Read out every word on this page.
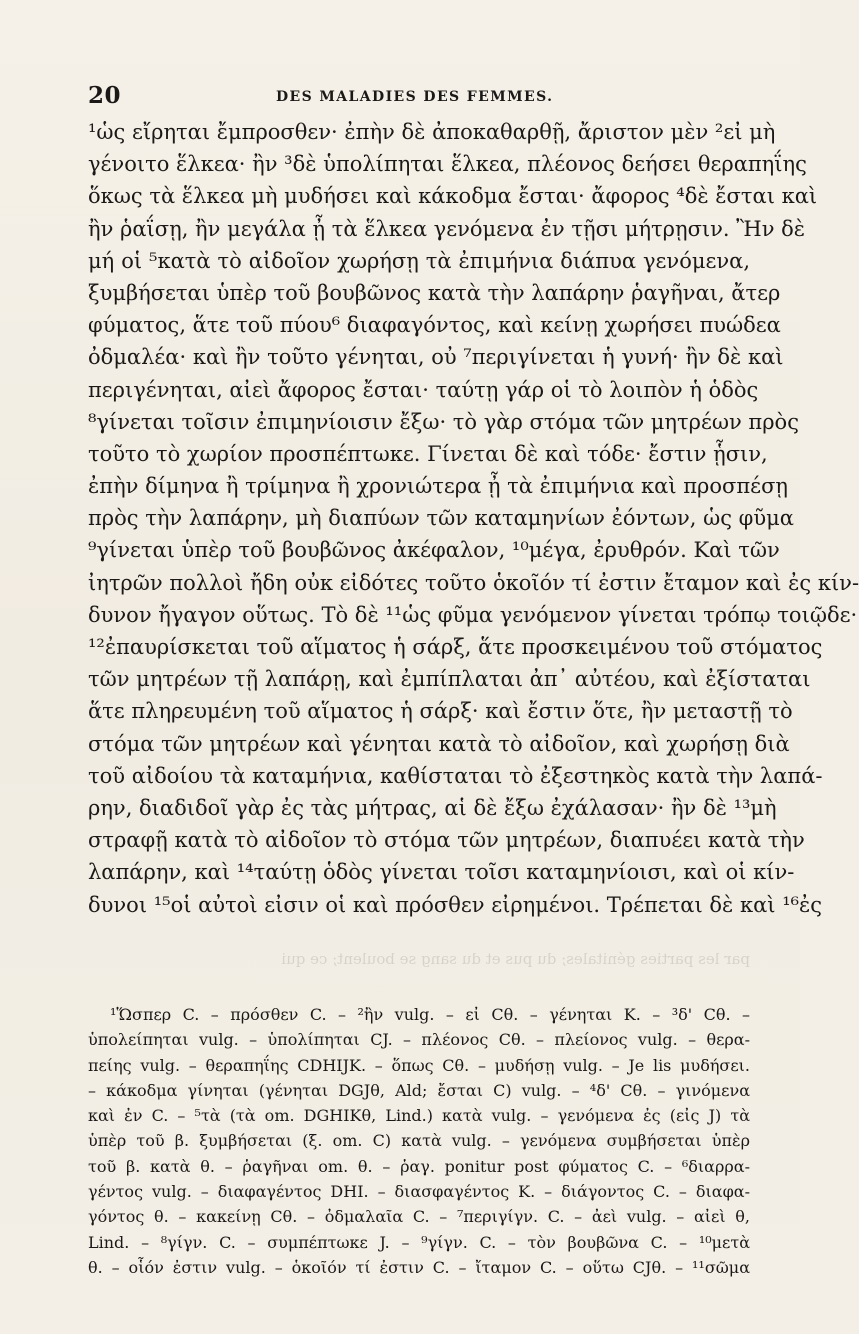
20	DES MALADIES DES FEMMES.
¹ὡς εἴρηται ἔμπροσθεν· ἐπὴν δὲ ἀποκαθαρθῇ, ἄριστον μὲν ²εἰ μὴ
γένοιτο ἕλκεα· ἢν ³δὲ ὑπολίπηται ἕλκεα, πλέονος δεήσει θεραπηΐης
ὅκως τὰ ἕλκεα μὴ μυδήσει καὶ κάκοδμα ἔσται· ἄφορος ⁴δὲ ἔσται καὶ
ἢν ῥαΐσῃ, ἢν μεγάλα ᾖ τὰ ἕλκεα γενόμενα ἐν τῇσι μήτρῃσιν. Ἢν δὲ
μή οἱ ⁵κατὰ τὸ αἰδοῖον χωρήσῃ τὰ ἐπιμήνια διάπυα γενόμενα,
ξυμβήσεται ὑπὲρ τοῦ βουβῶνος κατὰ τὴν λαπάρην ῥαγῆναι, ἄτερ
φύματος, ἅτε τοῦ πύου⁶ διαφαγόντος, καὶ κείνῃ χωρήσει πυώδεα
ὀδμαλέα· καὶ ἢν τοῦτο γένηται, οὐ ⁷περιγίνεται ἡ γυνή· ἢν δὲ καὶ
περιγένηται, αἰεὶ ἄφορος ἔσται· ταύτῃ γάρ οἱ τὸ λοιπὸν ἡ ὁδὸς
⁸γίνεται τοῖσιν ἐπιμηνίοισιν ἔξω· τὸ γὰρ στόμα τῶν μητρέων πρὸς
τοῦτο τὸ χωρίον προσπέπτωκε. Γίνεται δὲ καὶ τόδε· ἔστιν ᾗσιν,
ἐπὴν δίμηνα ἢ τρίμηνα ἢ χρονιώτερα ᾖ τὰ ἐπιμήνια καὶ προσπέσῃ
πρὸς τὴν λαπάρην, μὴ διαπύων τῶν καταμηνίων ἐόντων, ὡς φῦμα
⁹γίνεται ὑπὲρ τοῦ βουβῶνος ἀκέφαλον, ¹⁰μέγα, ἐρυθρόν. Καὶ τῶν
ἰητρῶν πολλοὶ ἤδη οὐκ εἰδότες τοῦτο ὁκοῖόν τί ἐστιν ἔταμον καὶ ἐς κίν-
δυνον ἤγαγον οὕτως. Τὸ δὲ ¹¹ὡς φῦμα γενόμενον γίνεται τρόπῳ τοιῷδε·
¹²ἐπαυρίσκεται τοῦ αἵματος ἡ σάρξ, ἅτε προσκειμένου τοῦ στόματος
τῶν μητρέων τῇ λαπάρῃ, καὶ ἐμπίπλαται ἀπ᾽ αὐτέου, καὶ ἐξίσταται
ἅτε πληρευμένη τοῦ αἵματος ἡ σάρξ· καὶ ἔστιν ὅτε, ἢν μεταστῇ τὸ
στόμα τῶν μητρέων καὶ γένηται κατὰ τὸ αἰδοῖον, καὶ χωρήσῃ διὰ
τοῦ αἰδοίου τὰ καταμήνια, καθίσταται τὸ ἐξεστηκὸς κατὰ τὴν λαπά-
ρην, διαδιδοῖ γὰρ ἐς τὰς μήτρας, αἱ δὲ ἔξω ἐχάλασαν· ἢν δὲ ¹³μὴ
στραφῇ κατὰ τὸ αἰδοῖον τὸ στόμα τῶν μητρέων, διαπυέει κατὰ τὴν
λαπάρην, καὶ ¹⁴ταύτῃ ὁδὸς γίνεται τοῖσι καταμηνίοισι, καὶ οἱ κίν-
δυνοι ¹⁵οἱ αὐτοὶ εἰσιν οἱ καὶ πρόσθεν εἰρημένοι. Τρέπεται δὲ καὶ ¹⁶ἐς
par les parties génitales; du pus et du sang se boulent; ce qui
¹Ὥσπερ C. – πρόσθεν C. – ²ἢν vulg. – εἰ Cθ. – γένηται K. – ³δ' Cθ. –
ὑπολείπηται vulg. – ὑπολίπηται CJ. – πλέονος Cθ. – πλείονος vulg. – θερα-
πείης vulg. – θεραπηΐης CDHIJK. – ὅπως Cθ. – μυδήσῃ vulg. – Je lis μυδήσει.
– κάκοδμα γίνηται (γένηται DGJθ, Ald; ἔσται C) vulg. – ⁴δ' Cθ. – γινόμενα
καὶ ἐν C. – ⁵τὰ (τὰ om. DGHIKθ, Lind.) κατὰ vulg. – γενόμενα ἐς (εἰς J) τὰ
ὑπὲρ τοῦ β. ξυμβήσεται (ξ. om. C) κατὰ vulg. – γενόμενα συμβήσεται ὑπὲρ
τοῦ β. κατὰ θ. – ῥαγῆναι om. θ. – ῥαγ. ponitur post φύματος C. – ⁶διαρρα-
γέντος vulg. – διαφαγέντος DHI. – διασφαγέντος K. – διάγοντος C. – διαφα-
γόντος θ. – κακείνῃ Cθ. – ὀδμαλαῖα C. – ⁷περιγίγν. C. – ἀεὶ vulg. – αἰεὶ θ,
Lind. – ⁸γίγν. C. – συμπέπτωκε J. – ⁹γίγν. C. – τὸν βουβῶνα C. – ¹⁰μετὰ
θ. – οἷόν ἐστιν vulg. – ὁκοῖόν τί ἐστιν C. – ἴταμον C. – οὕτω CJθ. – ¹¹σῶμα
